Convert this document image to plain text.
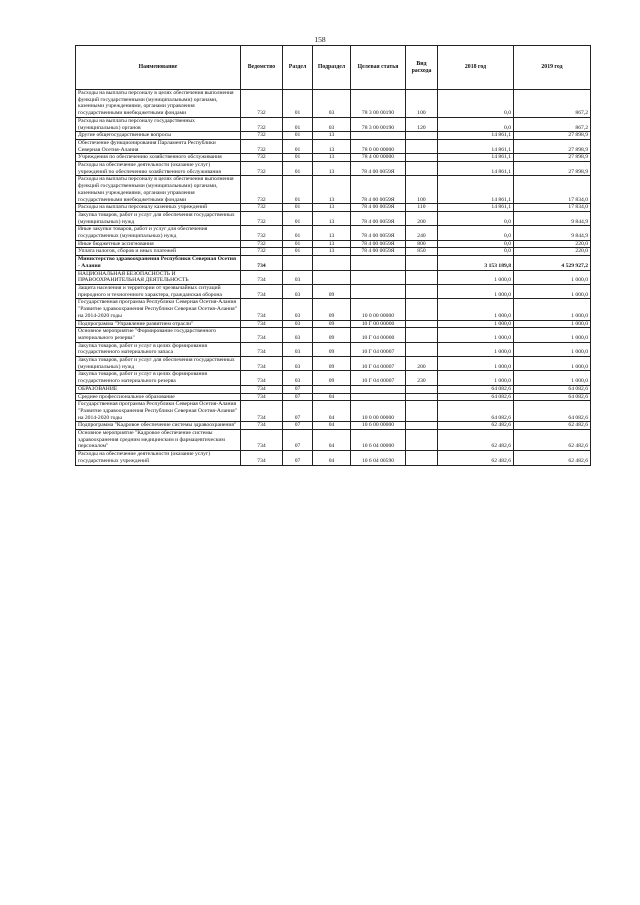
158
Наименование	Ведомство	Раздел	Подраздел	Целевая статья	Вид расхода	2018 год	2019 год
Расходы на выплаты персоналу в целях обеспечения выполнения функций государственными (муниципальными) органами, казенными учреждениями, органами управления государственными внебюджетными фондами	732	01	03	78 3 00 00190	100	0,0	867,2
Расходы на выплаты персоналу государственных (муниципальных) органов	732	01	03	78 3 00 00190	120	0,0	867,2
Другие общегосударственные вопросы	732	01	13			14 861,1	27 898,9
Обеспечение функционирования Парламента Республики Северная Осетия-Алания	732	01	13	78 0 00 00000		14 861,1	27 898,9
Учреждения по обеспечению хозяйственного обслуживания	732	01	13	78 4 00 00000		14 861,1	27 898,9
Расходы на обеспечение деятельности (оказание услуг) учреждений по обеспечению хозяйственного обслуживания	732	01	13	78 4 00 0059Я		14 861,1	27 898,9
Расходы на выплаты персоналу в целях обеспечения выполнения функций государственными (муниципальными) органами, казенными учреждениями, органами управления государственными внебюджетными фондами	732	01	13	78 4 00 0059Я	100	14 861,1	17 834,0
Расходы на выплаты персоналу казенных учреждений	732	01	13	78 4 00 0059Я	110	14 861,1	17 834,0
Закупка товаров, работ и услуг для обеспечения государственных (муниципальных) нужд	732	01	13	78 4 00 0059Я	200	0,0	9 844,9
Иные закупки товаров, работ и услуг для обеспечения государственных (муниципальных) нужд	732	01	13	78 4 00 0059Я	240	0,0	9 844,9
Иные бюджетные ассигнования	732	01	13	78 4 00 0059Я	800	0,0	220,0
Уплата налогов, сборов и иных платежей	732	01	13	78 4 00 0059Я	850	0,0	220,0
Министерство здравоохранения Республики Северная Осетия - Алания	734					3 153 189,8	4 529 927,2
НАЦИОНАЛЬНАЯ БЕЗОПАСНОСТЬ И ПРАВООХРАНИТЕЛЬНАЯ ДЕЯТЕЛЬНОСТЬ	734	03				1 000,0	1 000,0
Защита населения и территории от чрезвычайных ситуаций природного и техногенного характера, гражданская оборона	734	03	09			1 000,0	1 000,0
Государственная программа Республики Северная Осетия-Алания "Развитие здравоохранения Республики Северная Осетия-Алания" на 2014-2020 годы	734	03	09	10 0 00 00000		1 000,0	1 000,0
Подпрограмма "Управление развитием отрасли"	734	03	09	10 Г 00 00000		1 000,0	1 000,0
Основное мероприятие "Формирование государственного материального резерва"	734	03	09	10 Г 04 00000		1 000,0	1 000,0
Закупка товаров, работ и услуг в целях формирования государственного материального запаса	734	03	09	10 Г 04 00007		1 000,0	1 000,0
Закупка товаров, работ и услуг для обеспечения государственных (муниципальных) нужд	734	03	09	10 Г 04 00007	200	1 000,0	1 000,0
Закупка товаров, работ и услуг в целях формирования государственного материального резерва	734	03	09	10 Г 04 00007	230	1 000,0	1 000,0
ОБРАЗОВАНИЕ	734	07				64 082,6	64 082,6
Среднее профессиональное образование	734	07	04			64 082,6	64 082,6
Государственная программа Республики Северная Осетия-Алания "Развитие здравоохранения Республики Северная Осетия-Алания" на 2014-2020 годы	734	07	04	10 0 00 00000		64 082,6	64 082,6
Подпрограмма "Кадровое обеспечение системы здравоохранения"	734	07	04	10 6 00 00000		62 482,6	62 482,6
Основное мероприятие "Кадровое обеспечение системы здравоохранения средним медицинским и фармацевтическим персоналом"	734	07	04	10 6 04 00000		62 482,6	62 482,6
Расходы на обеспечение деятельности (оказание услуг) государственных учреждений	734	07	04	10 6 04 00590		62 482,6	62 482,6
